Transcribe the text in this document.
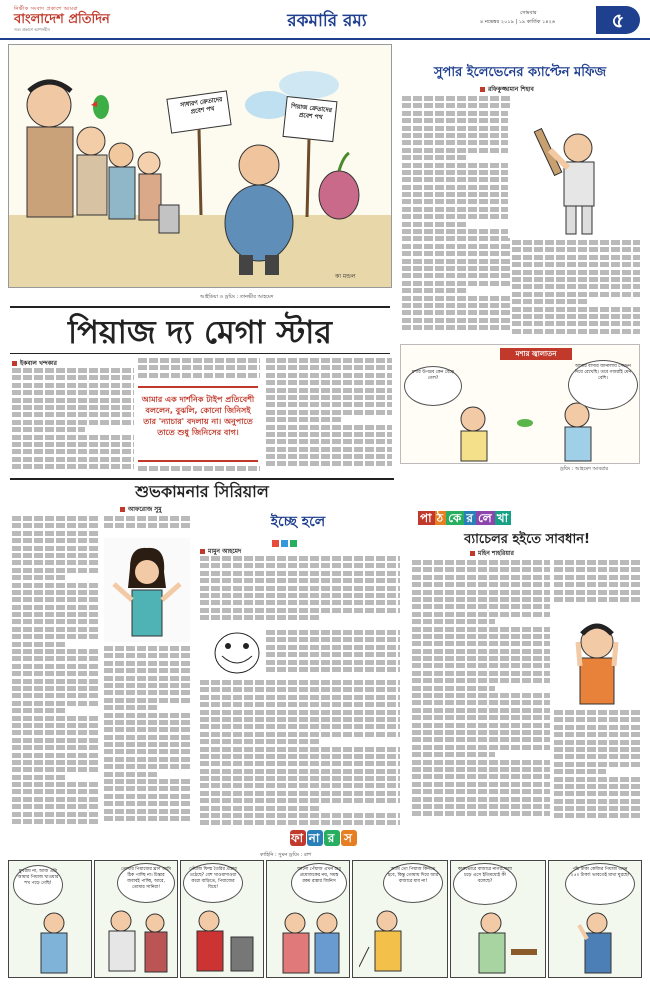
নির্ভীক সংবাদ প্রকাশে আমরা
বাংলাদেশ প্রতিদিন
সত্য প্রকাশে আপসহীন	রকমারি রম্য	সোমবার
৪ নভেম্বর ২০১৯ | ১৯ কার্তিক ১৪২৬	৫
সাধারণ ক্রেতাদের প্রবেশ পথ	পিয়াজ ক্রেতাদের প্রবেশ পথ
কা মন্ডল
আইডিয়া ও ড্রয়িং : তানভীর আহমেদ
পিয়াজ দ্য মেগা স্টার
ইকবাল খন্দকার
আমার এক দার্শনিক টাইপ প্রতিবেশী বললেন, বুঝলি, কোনো জিনিসই তার 'ন্যাচার' বদলায় না। অনুপাতে তাতে শুধু জিনিসের বাগ।
সুপার ইলেভেনের ক্যাপ্টেন মফিজ
রফিকুজ্জামান শিহাব
মশার জ্বালাতন
মশার উপদ্রব কেন বেড়ে গেল?
আমার বাসার জানালায় সেভেন দিয়ে রেখেছি। তবে গজরাঁই যেন বেশি।
ড্রয়িং : আহমেদ আবরার
শুভকামনার সিরিয়াল
আফরোজ সুমু
ইচ্ছে হলে
মামুন আহমেদ
পা ঠ কে র লে খা
ব্যাচেলর হইতে সাবধান!
মহিন শাহরিয়ার
ফা না র স
কাহিনি : সুমন ড্রয়িং : রাশ
মুখরাম না, আজ এটা আমার পিয়াজ খাওয়ার শখ পড়ে গেছি!
তোমার পিয়াজের ঘ্রাণ আমি ঠিক পাচ্ছি না। চিন্তার জবাবই পাচ্ছি, আরে, তোমার সানিরা!
পেঁয়াজ ফিল্ম তৈরির প্রস্তাব ওঠেছে? বেশ খাওয়াদাওয়া করো বাড়িতে, পিয়াজের বিয়ে!
জানো পেঁয়াজ এখন শুধু প্রযোজকের নয়, সমস্ত রকম রান্নার জিনিস
আমি তো পিয়াজ কিনতে হবে, কিন্তু তোমায় দিয়ে আর বাজারে যাব না!
কাকভোরে বাজারে নাগরদোলা চড়ে এসে ইতিমধ্যেই কী বলেছে?
পাঁচ টাকা কেজির পিয়াজ এখন ২৫০ টাকা! ভাবতেই মাথা ঘুরছে!
